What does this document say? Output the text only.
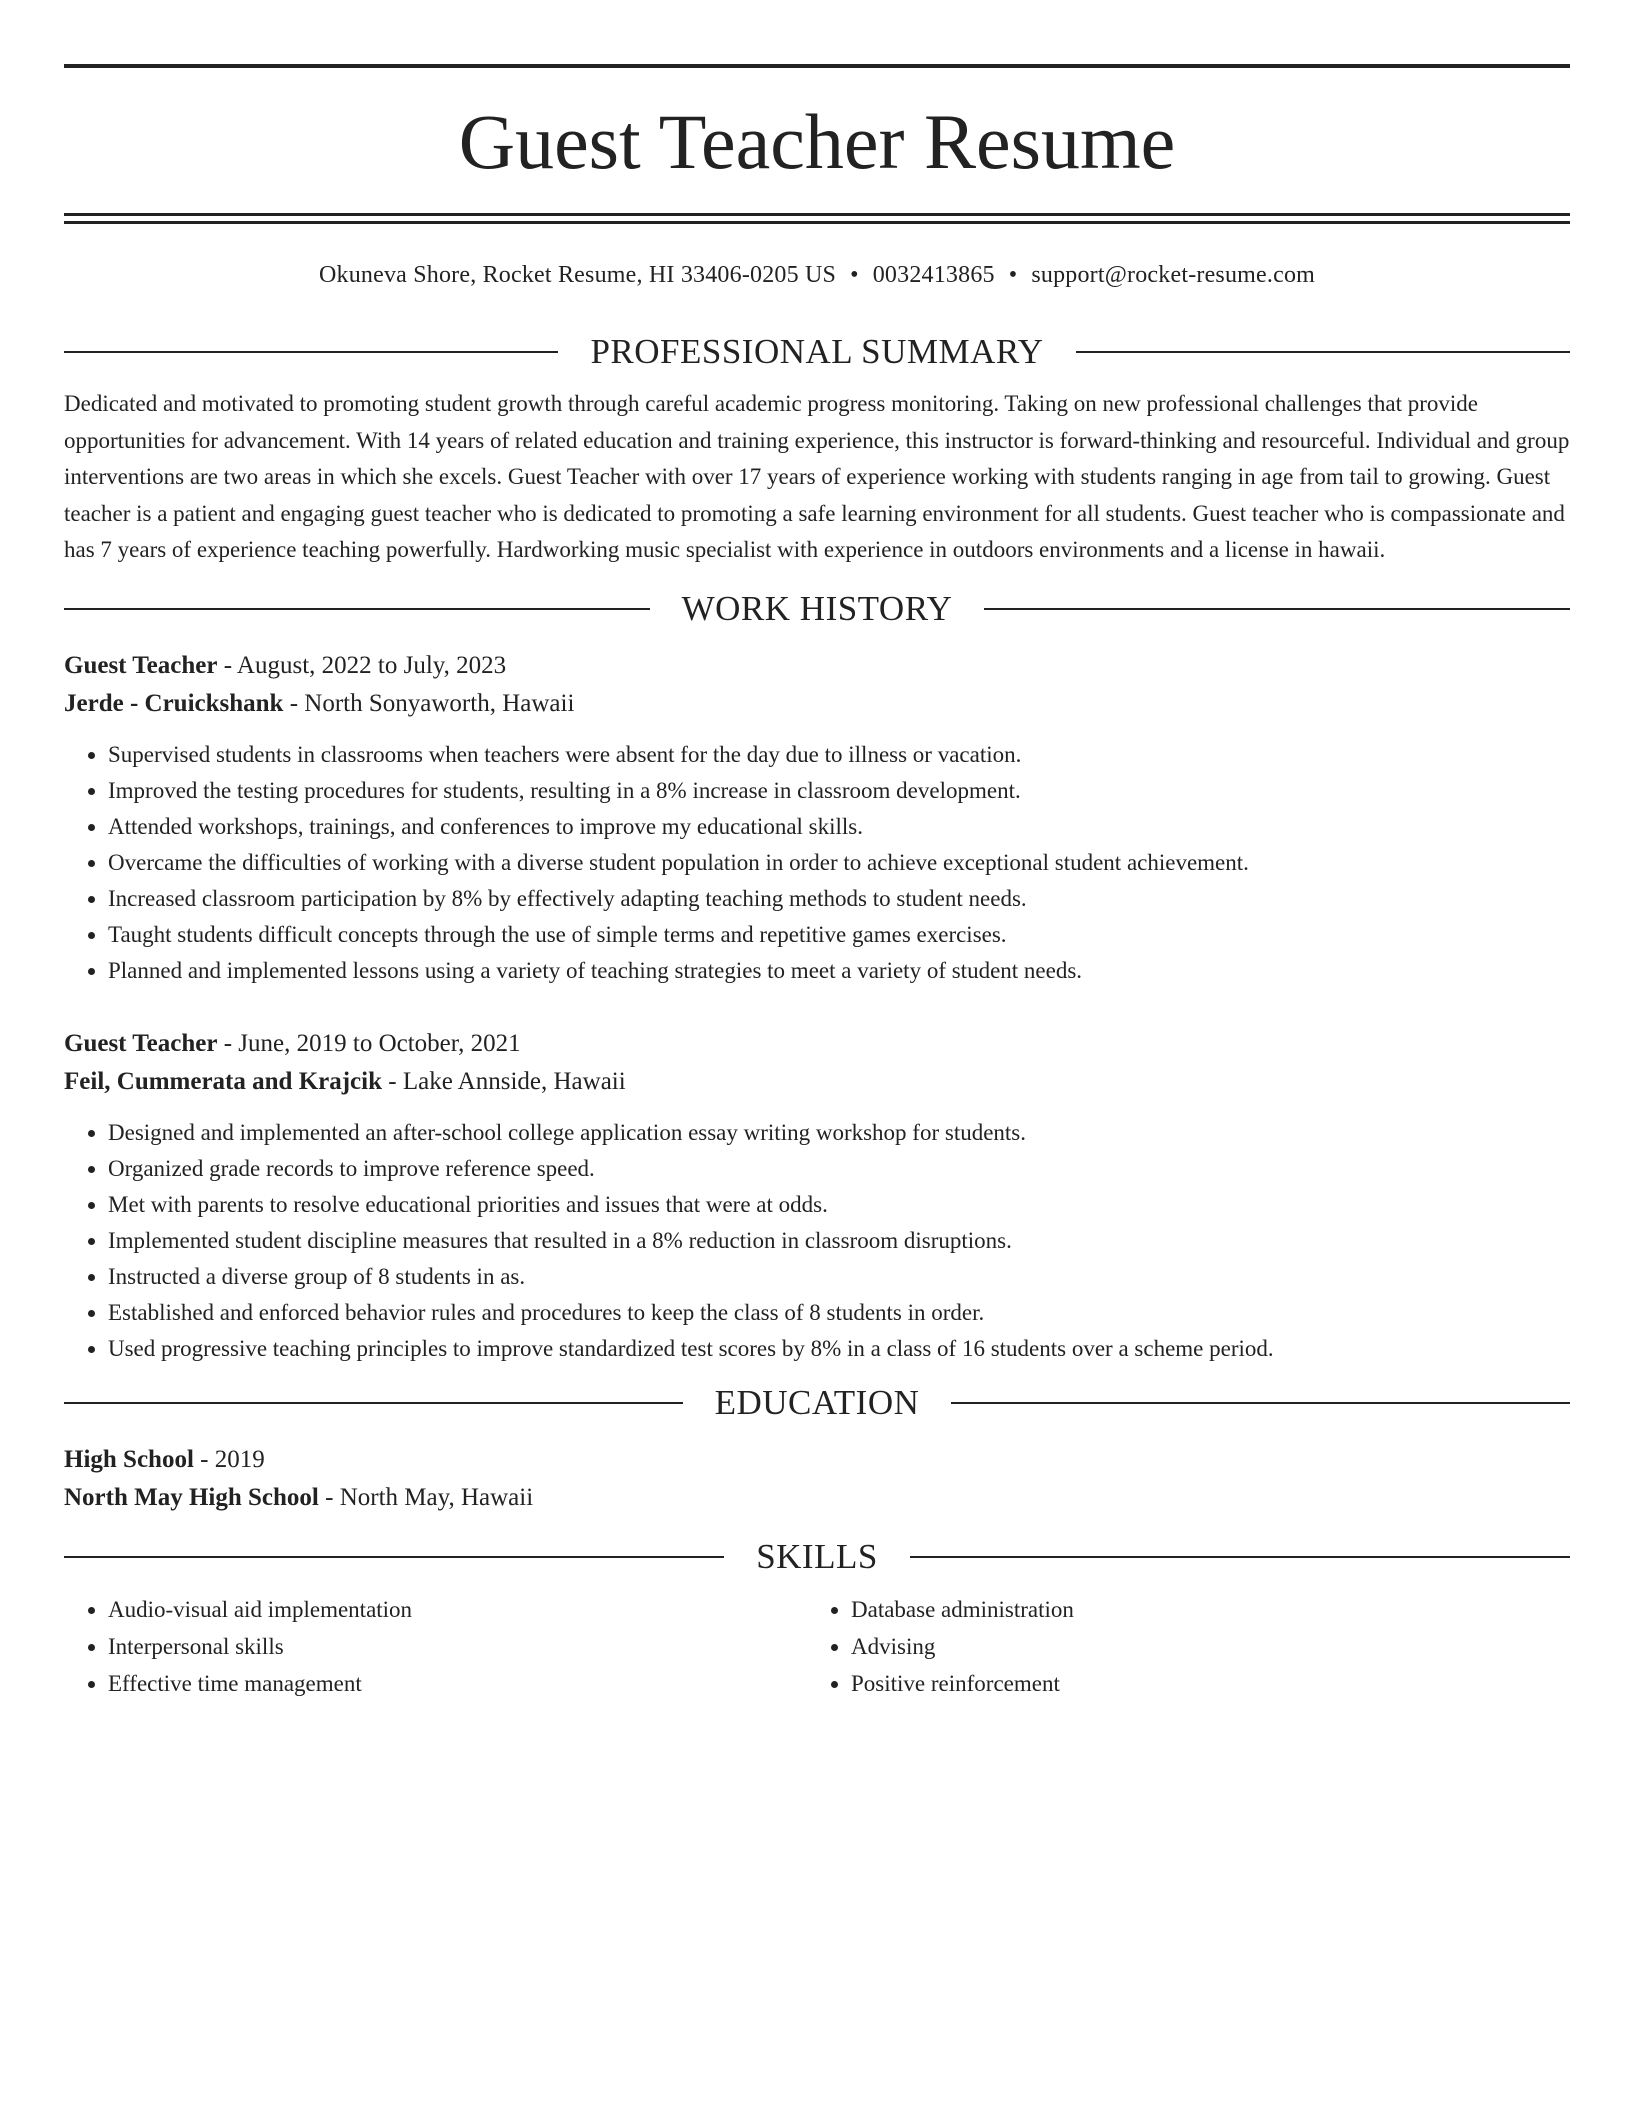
Guest Teacher Resume
Okuneva Shore, Rocket Resume, HI 33406-0205 US • 0032413865 • support@rocket-resume.com
PROFESSIONAL SUMMARY

Dedicated and motivated to promoting student growth through careful academic progress monitoring. Taking on new professional challenges that provide opportunities for advancement. With 14 years of related education and training experience, this instructor is forward-thinking and resourceful. Individual and group interventions are two areas in which she excels. Guest Teacher with over 17 years of experience working with students ranging in age from tail to growing. Guest teacher is a patient and engaging guest teacher who is dedicated to promoting a safe learning environment for all students. Guest teacher who is compassionate and has 7 years of experience teaching powerfully. Hardworking music specialist with experience in outdoors environments and a license in hawaii.

WORK HISTORY
Guest Teacher - August, 2022 to July, 2023
Jerde - Cruickshank - North Sonyaworth, Hawaii
• Supervised students in classrooms when teachers were absent for the day due to illness or vacation.
• Improved the testing procedures for students, resulting in a 8% increase in classroom development.
• Attended workshops, trainings, and conferences to improve my educational skills.
• Overcame the difficulties of working with a diverse student population in order to achieve exceptional student achievement.
• Increased classroom participation by 8% by effectively adapting teaching methods to student needs.
• Taught students difficult concepts through the use of simple terms and repetitive games exercises.
• Planned and implemented lessons using a variety of teaching strategies to meet a variety of student needs.
Guest Teacher - June, 2019 to October, 2021
Feil, Cummerata and Krajcik - Lake Annside, Hawaii
• Designed and implemented an after-school college application essay writing workshop for students.
• Organized grade records to improve reference speed.
• Met with parents to resolve educational priorities and issues that were at odds.
• Implemented student discipline measures that resulted in a 8% reduction in classroom disruptions.
• Instructed a diverse group of 8 students in as.
• Established and enforced behavior rules and procedures to keep the class of 8 students in order.
• Used progressive teaching principles to improve standardized test scores by 8% in a class of 16 students over a scheme period.
EDUCATION
High School - 2019
North May High School - North May, Hawaii
SKILLS
• Audio-visual aid implementation
• Interpersonal skills
• Effective time management
• Database administration
• Advising
• Positive reinforcement
